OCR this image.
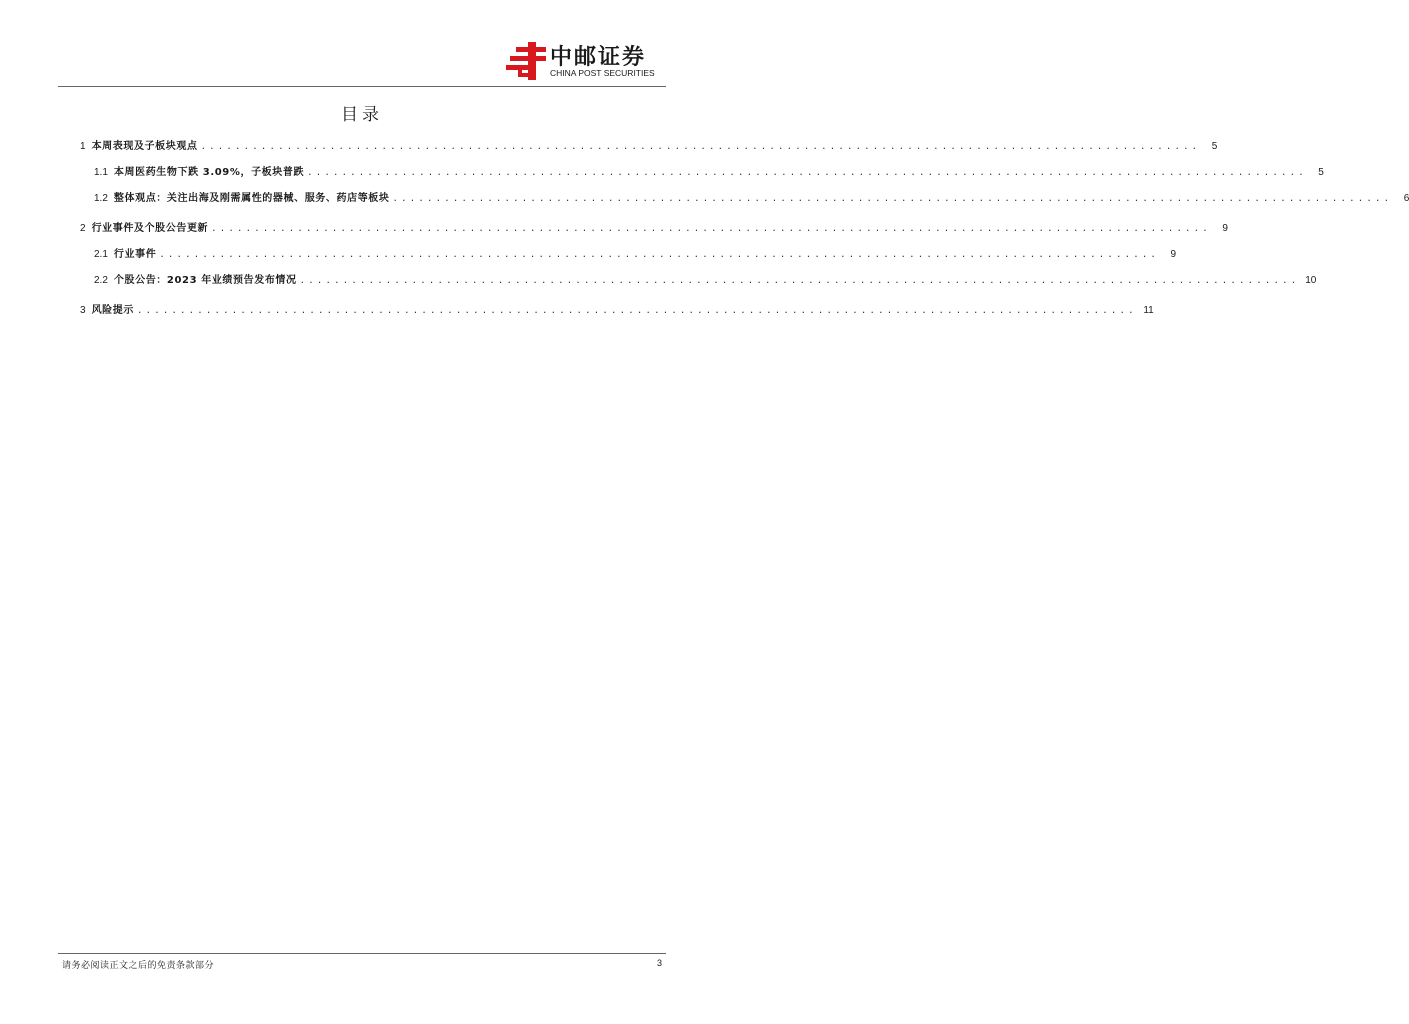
中邮证券
CHINA POST SECURITIES
目录
1 本周表现及子板块观点 ....................................................................................................................	5
1.1 本周医药生物下跌 3.09%，子板块普跌 ....................................................................................................................	5
1.2 整体观点：关注出海及刚需属性的器械、服务、药店等板块 ....................................................................................................................	6
2 行业事件及个股公告更新 ....................................................................................................................	9
2.1 行业事件 ....................................................................................................................	9
2.2 个股公告：2023 年业绩预告发布情况 .................................................................................................................... 10
3 风险提示 .................................................................................................................... 11
请务必阅读正文之后的免责条款部分	3
